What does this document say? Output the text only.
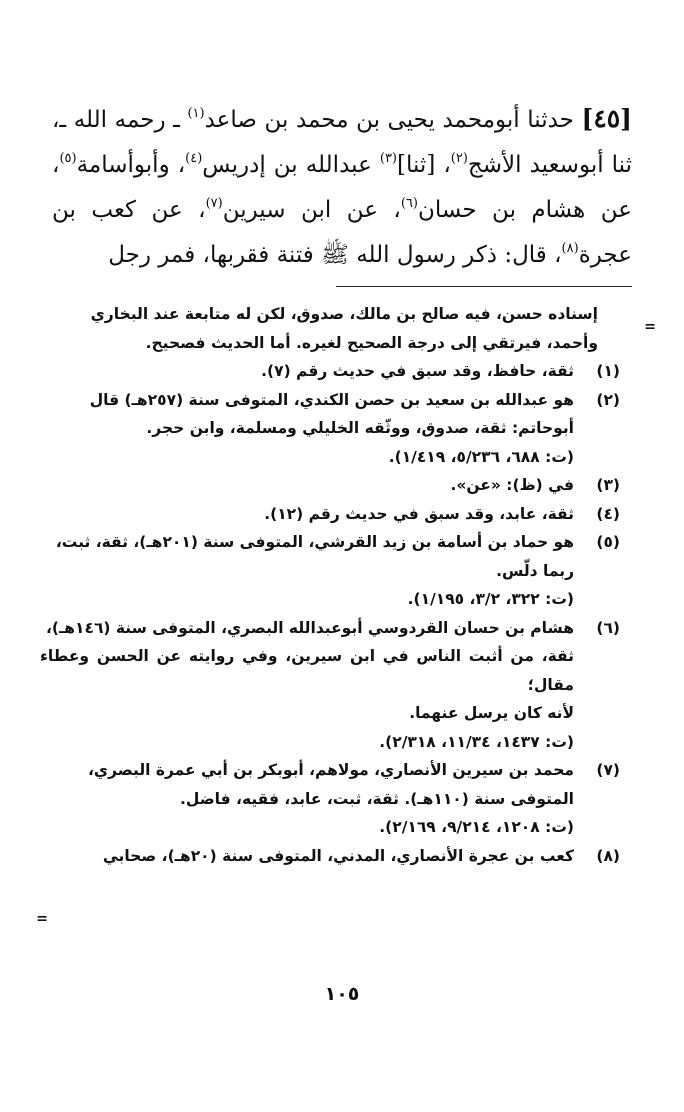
[٤٥] حدثنا أبومحمد يحيى بن محمد بن صاعد$^{(١)}$ ـ رحمه الله ـ، ثنا أبوسعيد الأشج$^{(٢)}$، [ثنا]$^{(٣)}$ عبدالله بن إدريس$^{(٤)}$، وأبوأسامة$^{(٥)}$، عن هشام بن حسان$^{(٦)}$، عن ابن سيرين$^{(٧)}$، عن كعب بن عجرة$^{(٨)}$، قال: ذكر رسول الله ﷺ فتنة فقربها، فمر رجل
=

إسناده حسن، فيه صالح بن مالك، صدوق، لكن له متابعة عند البخاري

وأحمد، فيرتقي إلى درجة الصحيح لغيره. أما الحديث فصحيح.

(١)

ثقة، حافظ، وقد سبق في حديث رقم (٧).

(٢)

هو عبدالله بن سعيد بن حصن الكندي، المتوفى سنة (٢٥٧هـ) قال

أبوحاتم: ثقة، صدوق، ووثّقه الخليلي ومسلمة، وابن حجر.

(ت: ٦٨٨، ٥/٢٣٦، ١/٤١٩).

(٣)

في (ظ): «عن».

(٤)

ثقة، عابد، وقد سبق في حديث رقم (١٢).

(٥)

هو حماد بن أسامة بن زيد القرشي، المتوفى سنة (٢٠١هـ)، ثقة، ثبت،

ربما دلّس.

(ت: ٣٢٢، ٣/٢، ١/١٩٥).

(٦)

هشام بن حسان القردوسي أبوعبدالله البصري، المتوفى سنة (١٤٦هـ)،

ثقة، من أثبت الناس في ابن سيرين، وفي روايته عن الحسن وعطاء مقال؛

لأنه كان يرسل عنهما.

(ت: ١٤٣٧، ١١/٣٤، ٢/٣١٨).

(٧)

محمد بن سيرين الأنصاري، مولاهم، أبوبكر بن أبي عمرة البصري،

المتوفى سنة (١١٠هـ). ثقة، ثبت، عابد، فقيه، فاضل.

(ت: ١٢٠٨، ٩/٢١٤، ٢/١٦٩).

(٨)

كعب بن عجرة الأنصاري، المدني، المتوفى سنة (٢٠هـ)، صحابي

=
١٠٥
